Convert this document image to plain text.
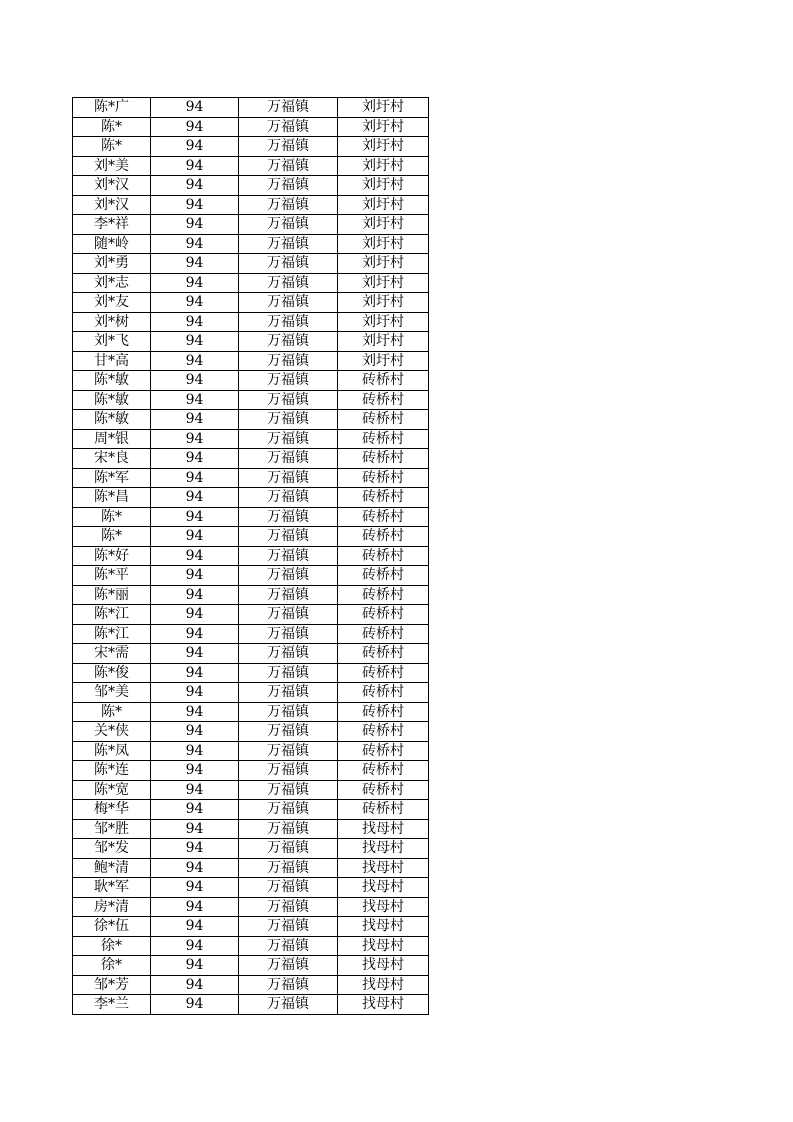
陈*广	94	万福镇	刘圩村
陈*	94	万福镇	刘圩村
陈*	94	万福镇	刘圩村
刘*美	94	万福镇	刘圩村
刘*汉	94	万福镇	刘圩村
刘*汉	94	万福镇	刘圩村
李*祥	94	万福镇	刘圩村
随*岭	94	万福镇	刘圩村
刘*勇	94	万福镇	刘圩村
刘*志	94	万福镇	刘圩村
刘*友	94	万福镇	刘圩村
刘*树	94	万福镇	刘圩村
刘*飞	94	万福镇	刘圩村
甘*高	94	万福镇	刘圩村
陈*敏	94	万福镇	砖桥村
陈*敏	94	万福镇	砖桥村
陈*敏	94	万福镇	砖桥村
周*银	94	万福镇	砖桥村
宋*良	94	万福镇	砖桥村
陈*军	94	万福镇	砖桥村
陈*昌	94	万福镇	砖桥村
陈*	94	万福镇	砖桥村
陈*	94	万福镇	砖桥村
陈*好	94	万福镇	砖桥村
陈*平	94	万福镇	砖桥村
陈*丽	94	万福镇	砖桥村
陈*江	94	万福镇	砖桥村
陈*江	94	万福镇	砖桥村
宋*需	94	万福镇	砖桥村
陈*俊	94	万福镇	砖桥村
邹*美	94	万福镇	砖桥村
陈*	94	万福镇	砖桥村
关*侠	94	万福镇	砖桥村
陈*凤	94	万福镇	砖桥村
陈*连	94	万福镇	砖桥村
陈*宽	94	万福镇	砖桥村
梅*华	94	万福镇	砖桥村
邹*胜	94	万福镇	找母村
邹*发	94	万福镇	找母村
鲍*清	94	万福镇	找母村
耿*军	94	万福镇	找母村
房*清	94	万福镇	找母村
徐*伍	94	万福镇	找母村
徐*	94	万福镇	找母村
徐*	94	万福镇	找母村
邹*芳	94	万福镇	找母村
李*兰	94	万福镇	找母村
